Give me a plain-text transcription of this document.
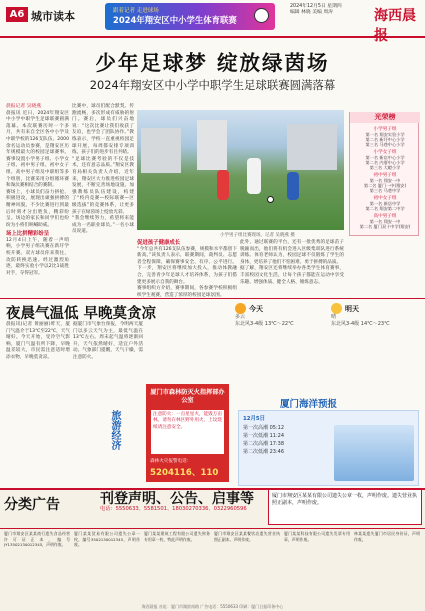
A6 城市读本	跟着记者 走进球场
2024年翔安区中小学生体育联赛
2024年12月5日 星期四
编辑 林晓 美编 周涛	海西晨报
少年足球梦 绽放绿茵场
2024年翔安区中小学中职学生足球联赛圆满落幕
晨报记者 吴晓燕
晨报讯 近日，2024年翔安区中小学中职学生足球联赛圆满落幕。本次联赛历时一个多月，共有来自全区各中小学及中职学校的126支队伍、2000余名运动员参赛，是翔安区历年规模最大的校园足球赛事。赛事设置小学男子组、小学女子组、初中男子组、初中女子组、高中男子组及中职组等多个组别，比赛采用分组循环赛和淘汰赛相结合的赛制。
赛场上，小球员们奋力拼抢、积极进攻，展现出顽强拼搏的精神风貌。不少比赛进行到最后时刻才分出胜负，精彩纷呈。场边的家长和同学们也纷纷为小将们呐喊助威。
场上比拼精彩纷呈
12月4日上午，随着一声哨响，小学男子组决赛在新圩学校开赛。双方球员你来我往，攻防转换迅速。经过激烈角逐，最终实验小学以2比1战胜对手，夺得冠军。
比赛中，球员们配合默契、传跑流畅，多次形成有威胁的射门。赛后，球员们兴奋地说：“这次比赛让我们收获了友谊，也学会了团队协作。”教练表示，学校一直重视校园足球开展，每周都安排专项训练，孩子们的进步有目共睹。
“足球比赛考验的不仅是技术，还有意志品质。”翔安区教育局相关负责人介绍，近年来，翔安区大力推进校园足球发展，不断完善场地设施，加强教练员队伍建设，构建了“校内竞赛—校际联赛—区级选拔”的竞赛体系，让更多孩子在绿茵场上绽放光彩。
“我会继续努力，希望将来能成为一名职业球员。”一名小球员说道。
小学男子组比赛现场。记者 吴晓燕 摄
促进孩子健康成长
“今年总共有126支队伍参赛，规模和水平都创下新高。”该负责人表示，联赛期间，裁判员、志愿者全程保障，确保赛事安全、有序、公平进行。下一步，翔安区将继续加大投入，推动体教融合，完善青少年足球人才培养体系，为孩子们搭建更多展示自我的舞台。
赛事组织方介绍，赛事期间，各参赛学校积极组织学生观赛，营造了浓厚的校园足球氛围。
此外，通过联赛的平台，还有一批优秀的足球苗子脱颖而出，他们将有机会进入区级集训队进行系统训练。体育老师认为，校园足球不仅锻炼了学生的身体，更培养了他们不怕困难、勇于拼搏的品质。
据了解，翔安区还将继续举办各类学生体育赛事，丰富校园文化生活，让每个孩子都能在运动中享受乐趣、增强体质、健全人格、锤炼意志。
光荣榜
小学男子组
第一名 翔安实验小学
第二名 新圩中心小学
第三名 马巷中心小学
小学女子组
第一名 新店中心小学
第二名 内厝中心小学
第三名 大嶝小学
初中男子组
第一名 翔安一中
第二名 厦门一中(翔安)
第三名 马巷中学
初中女子组
第一名 新店中学
第二名 翔安第二中学
高中男子组
第一名 翔安一中
第二名 厦门双十中学(翔安)
夜晨气温低 早晚莫贪凉
晨报讯(记者 黄丽丽)昨天，厦门气温介于13℃至22℃，天气晴好。今天开始，受冷空气影响，厦门气温有所下降，早晚温差较大，市民需注意适时增添衣物，早晚莫贪凉。
据厦门市气象台预报，今明两天厦门以多云天气为主，最低气温在13℃左右。周末起气温将逐渐回升，天气依然晴好，适宜户外活动。气象部门提醒，天气干燥，需注意防火。
旅游经济
厦门市森林防灭火指挥部办公室
注意防火：一点星星火，能毁万亩林。请勿在林区野外用火，上坟烧纸请注意安全。
森林火灾报警电话：
5204116、110
今天
多云
东北风3-4级 13℃～22℃
明天
晴
东北风3-4级 14℃～23℃
厦门海洋预报
12月5日
第一次高潮 05:12
第一次低潮 11:24
第二次高潮 17:38
第二次低潮 23:46
分类广告	刊登声明、公告、启事等
电话：5550633、5581501、18030270336、0322960596
厦门市翔安区某某有限公司遗失公章一枚，声明作废。遗失营业执照正副本，声明作废。
厦门市翔安区某某商行遗失食品经营许可证正本，编号JY13502130012345，声明作废。
厦门某某贸易有限公司遗失公章一枚，编号3502130012345，声明作废。
厦门某某建筑工程有限公司遗失财务专用章一枚，特此声明作废。
厦门市翔安区某某餐饮店遗失营业执照正副本，声明作废。
厦门某某科技有限公司遗失发票专用章，声明作废。
林某某遗失厦门市居民身份证，声明作废。
海西晨报 社址：厦门市湖滨南路 广告电话：5550633 印刷：厦门日报印务中心
